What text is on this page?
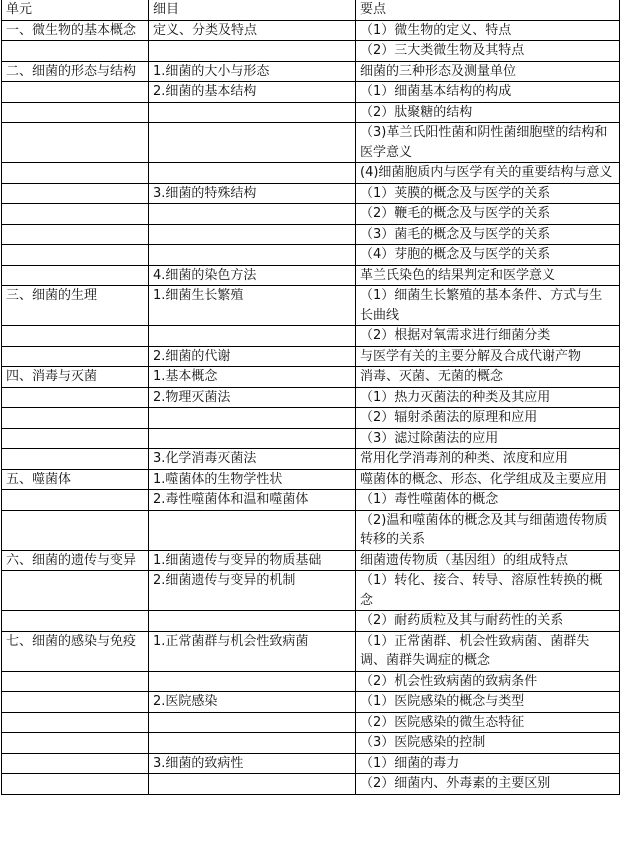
单元	细目	要点
一、微生物的基本概念	定义、分类及特点	（1）微生物的定义、特点
		（2）三大类微生物及其特点
二、细菌的形态与结构	1.细菌的大小与形态	细菌的三种形态及测量单位
	2.细菌的基本结构	（1）细菌基本结构的构成
		（2）肽聚糖的结构
		（3)革兰氏阳性菌和阴性菌细胞壁的结构和医学意义
		(4)细菌胞质内与医学有关的重要结构与意义
	3.细菌的特殊结构	（1）荚膜的概念及与医学的关系
		（2）鞭毛的概念及与医学的关系
		（3）菌毛的概念及与医学的关系
		（4）芽胞的概念及与医学的关系
	4.细菌的染色方法	革兰氏染色的结果判定和医学意义
三、细菌的生理	1.细菌生长繁殖	（1）细菌生长繁殖的基本条件、方式与生长曲线
		（2）根据对氧需求进行细菌分类
	2.细菌的代谢	与医学有关的主要分解及合成代谢产物
四、消毒与灭菌	1.基本概念	消毒、灭菌、无菌的概念
	2.物理灭菌法	（1）热力灭菌法的种类及其应用
		（2）辐射杀菌法的原理和应用
		（3）滤过除菌法的应用
	3.化学消毒灭菌法	常用化学消毒剂的种类、浓度和应用
五、噬菌体	1.噬菌体的生物学性状	噬菌体的概念、形态、化学组成及主要应用
	2.毒性噬菌体和温和噬菌体	（1）毒性噬菌体的概念
		（2)温和噬菌体的概念及其与细菌遗传物质转移的关系
六、细菌的遗传与变异	1.细菌遗传与变异的物质基础	细菌遗传物质（基因组）的组成特点
	2.细菌遗传与变异的机制	（1）转化、接合、转导、溶原性转换的概念
		（2）耐药质粒及其与耐药性的关系
七、细菌的感染与免疫	1.正常菌群与机会性致病菌	（1）正常菌群、机会性致病菌、菌群失调、菌群失调症的概念
		（2）机会性致病菌的致病条件
	2.医院感染	（1）医院感染的概念与类型
		（2）医院感染的微生态特征
		（3）医院感染的控制
	3.细菌的致病性	（1）细菌的毒力
		（2）细菌内、外毒素的主要区别
